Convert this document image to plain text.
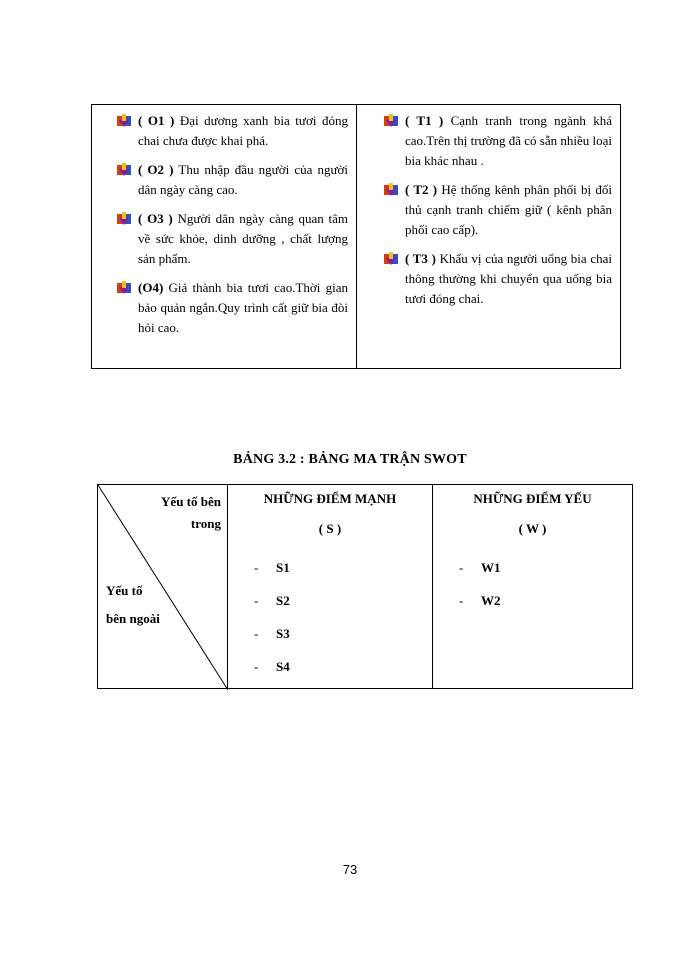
( O1 ) Đại dương xanh bia tươi đóng chai chưa được khai phá.
( O2 ) Thu nhập đầu người của người dân ngày càng cao.
( O3 ) Người dân ngày càng quan tâm về sức khỏe, dinh dưỡng , chất lượng sản phẩm.
(O4) Giá thành bia tươi cao.Thời gian bảo quản ngắn.Quy trình cất giữ bia đòi hỏi cao.
( T1 ) Cạnh tranh trong ngành khá cao.Trên thị trường đã có sẵn nhiều loại bia khác nhau .
( T2 ) Hệ thống kênh phân phối bị đối thủ cạnh tranh chiếm giữ ( kênh phân phối cao cấp).
( T3 ) Khẩu vị của người uống bia chai thông thường khi chuyển qua uống bia tươi đóng chai.
BẢNG 3.2 : BẢNG MA TRẬN SWOT
Yếu tố bên
trong
Yếu tố
bên ngoài
NHỮNG ĐIỂM MẠNH
( S )
- S1
- S2
- S3
- S4
NHỮNG ĐIỂM YẾU
( W )
- W1
- W2
73
